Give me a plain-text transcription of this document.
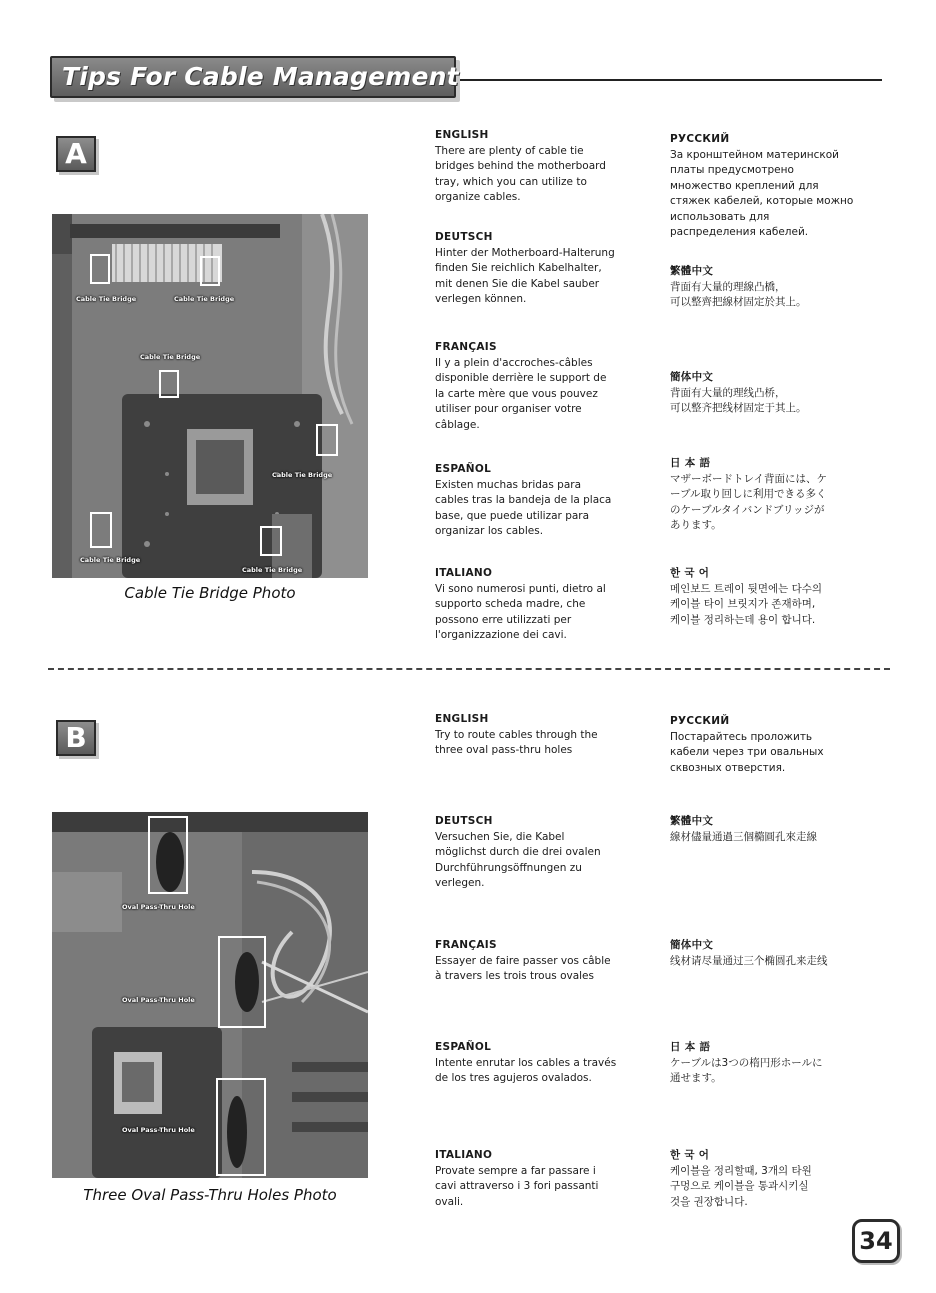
Tips For Cable Management
A
Cable Tie Bridge	Cable Tie Bridge
Cable Tie Bridge
Cable Tie Bridge
Cable Tie Bridge
Cable Tie Bridge
Cable Tie Bridge Photo
ENGLISH
There are plenty of cable tie
bridges behind the motherboard
tray, which you can utilize to
organize cables.
DEUTSCH
Hinter der Motherboard-Halterung
finden Sie reichlich Kabelhalter,
mit denen Sie die Kabel sauber
verlegen können.
FRANÇAIS
Il y a plein d'accroches-câbles
disponible derrière le support de
la carte mère que vous pouvez
utiliser pour organiser votre
câblage.
ESPAÑOL
Existen muchas bridas para
cables tras la bandeja de la placa
base, que puede utilizar para
organizar los cables.
ITALIANO
Vi sono numerosi punti, dietro al
supporto scheda madre, che
possono erre utilizzati per
l'organizzazione dei cavi.
РУССКИЙ
За кронштейном материнской
платы предусмотрено
множество креплений для
стяжек кабелей, которые можно
использовать для
распределения кабелей.
繁體中文
背面有大量的理線凸橋，
可以整齊把線材固定於其上。
簡体中文
背面有大量的理线凸桥，
可以整齐把线材固定于其上。
日 本 語
マザーボードトレイ背面には、ケ
ーブル取り回しに利用できる多く
のケーブルタイバンドブリッジが
あります。
한 국 어
메인보드 트레이 뒷면에는 다수의
케이블 타이 브릿지가 존재하며,
케이블 정리하는데 용이 합니다.
B
Oval Pass-Thru Hole
Oval Pass-Thru Hole
Oval Pass-Thru Hole
Three Oval Pass-Thru Holes Photo
ENGLISH
Try to route cables through the
three oval pass-thru holes
DEUTSCH
Versuchen Sie, die Kabel
möglichst durch die drei ovalen
Durchführungsöffnungen zu
verlegen.
FRANÇAIS
Essayer de faire passer vos câble
à travers les trois trous ovales
ESPAÑOL
Intente enrutar los cables a través
de los tres agujeros ovalados.
ITALIANO
Provate sempre a far passare i
cavi attraverso i 3 fori passanti
ovali.
РУССКИЙ
Постарайтесь проложить
кабели через три овальных
сквозных отверстия.
繁體中文
線材儘量通過三個橢圓孔來走線
簡体中文
线材请尽量通过三个椭圆孔来走线
日 本 語
ケーブルは3つの楕円形ホールに
通せます。
한 국 어
케이블을 정리할때, 3개의 타원
구멍으로 케이블을 통과시키실
것을 권장합니다.
34
